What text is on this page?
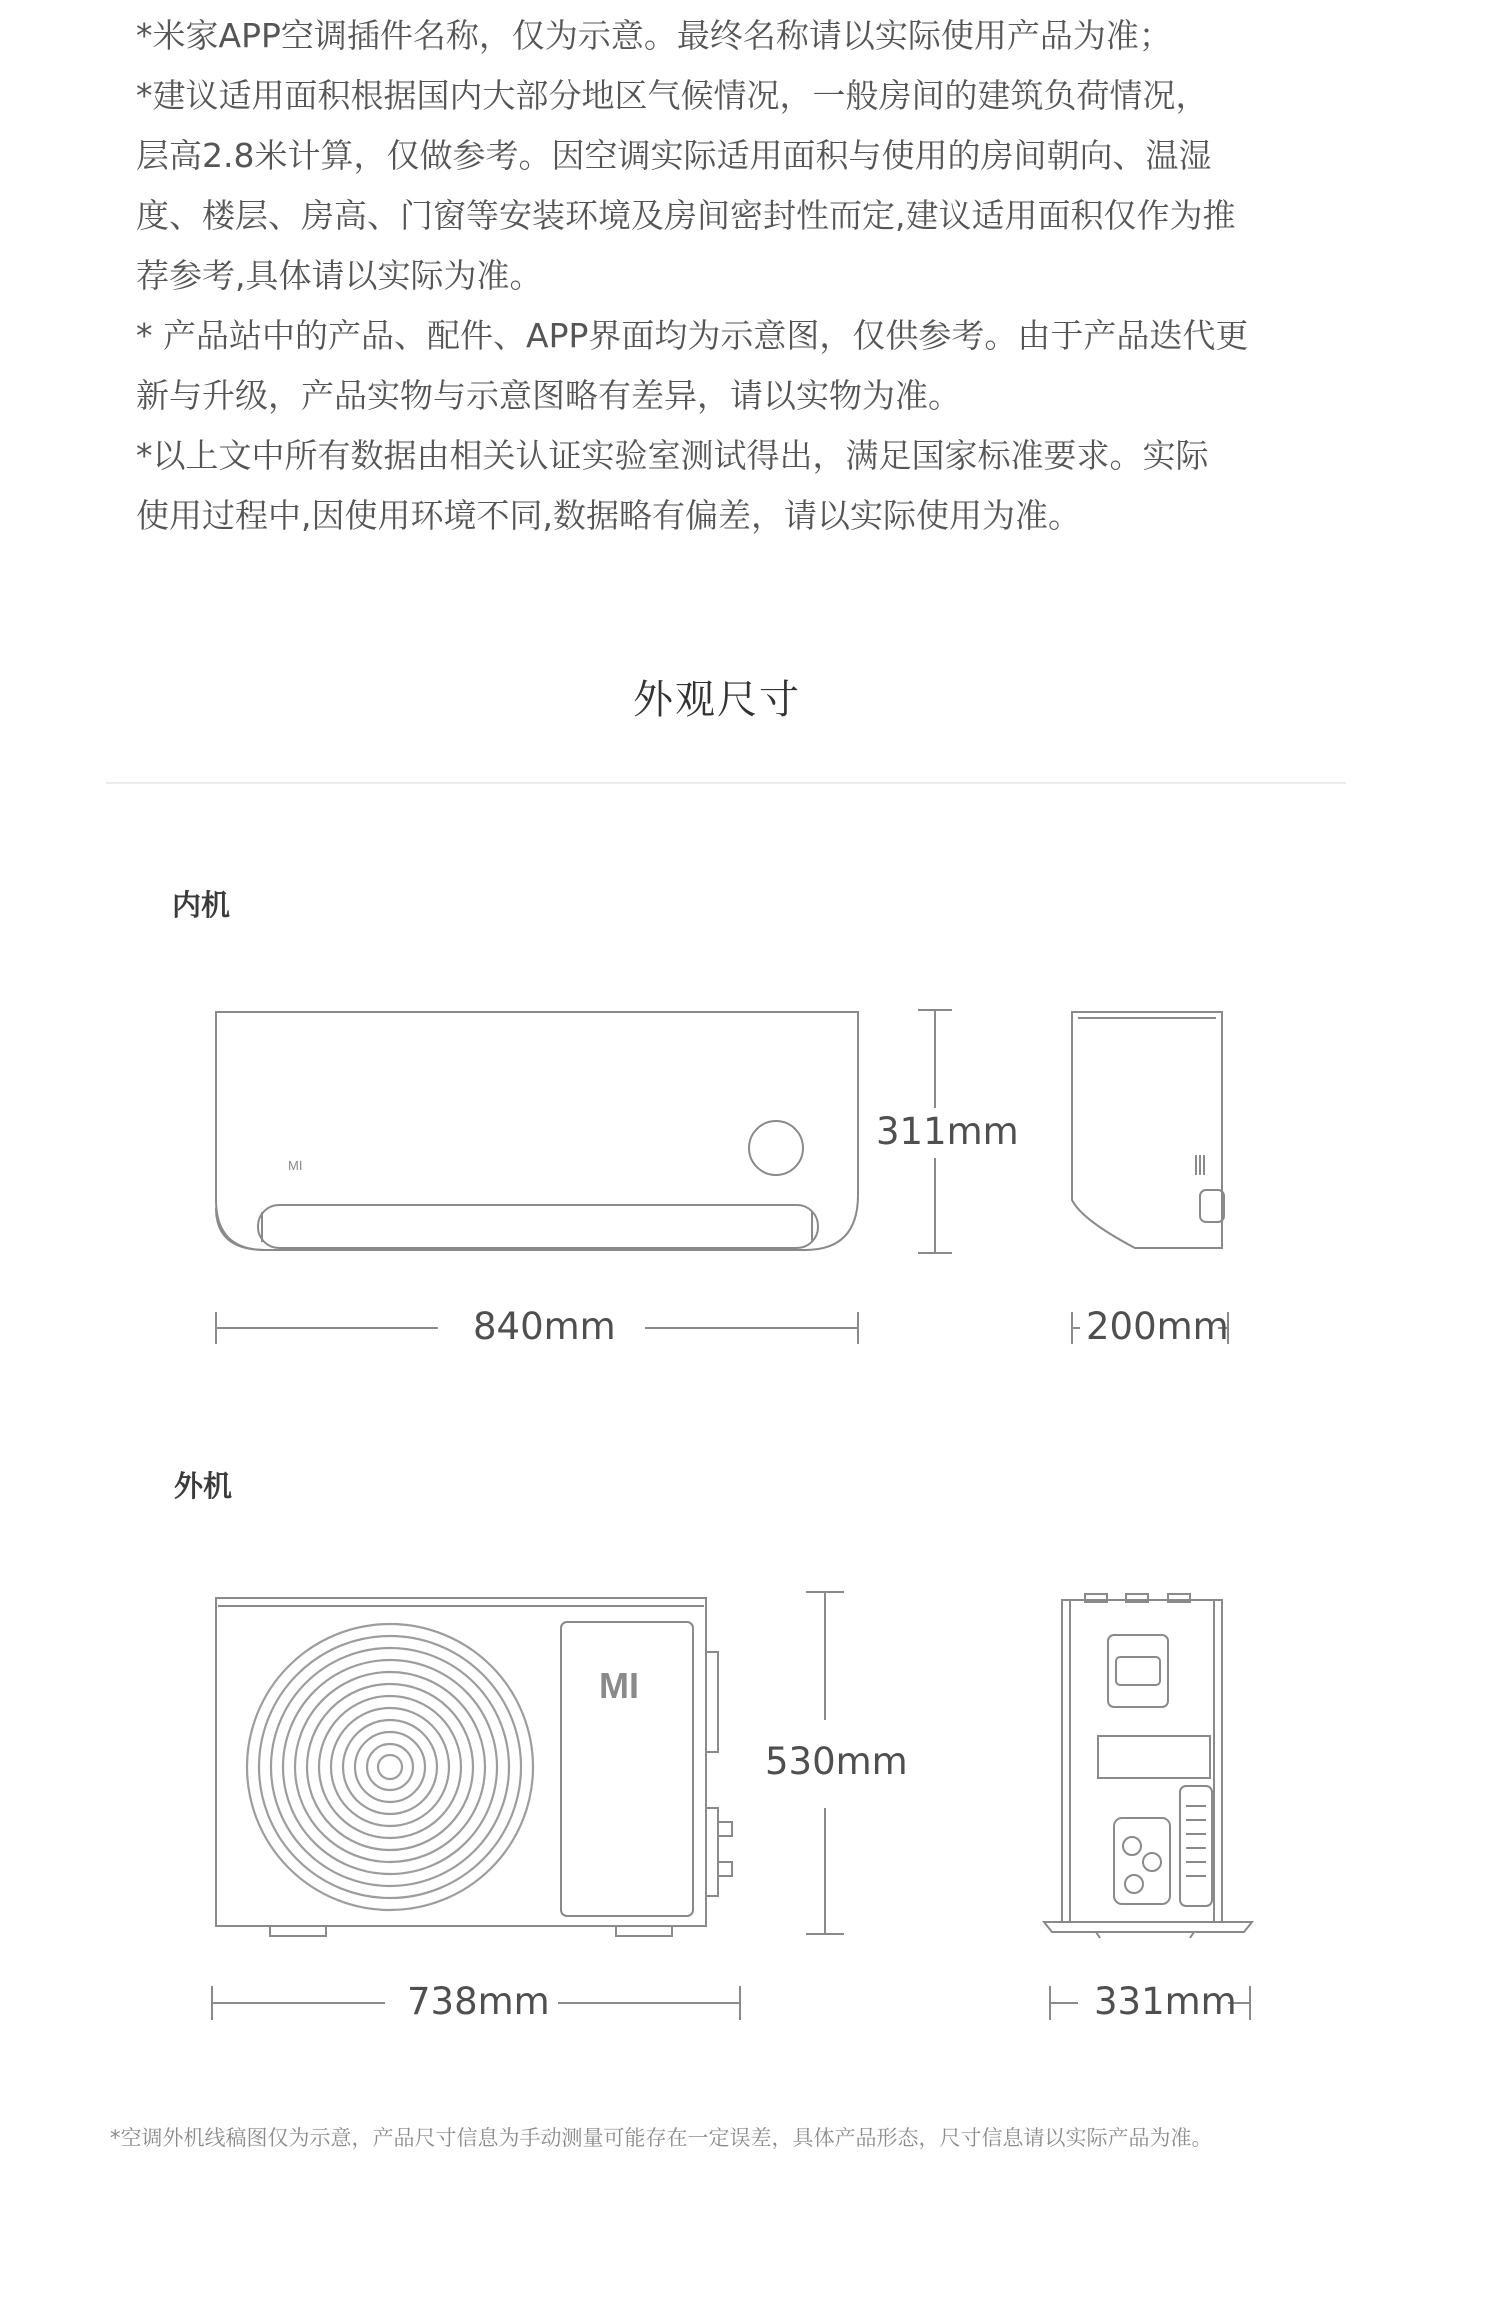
*米家APP空调插件名称，仅为示意。最终名称请以实际使用产品为准；
*建议适用面积根据国内大部分地区气候情况，一般房间的建筑负荷情况，
层高2.8米计算，仅做参考。因空调实际适用面积与使用的房间朝向、温湿
度、楼层、房高、门窗等安装环境及房间密封性而定,建议适用面积仅作为推
荐参考,具体请以实际为准。
* 产品站中的产品、配件、APP界面均为示意图，仅供参考。由于产品迭代更
新与升级，产品实物与示意图略有差异，请以实物为准。
*以上文中所有数据由相关认证实验室测试得出，满足国家标准要求。实际
使用过程中,因使用环境不同,数据略有偏差，请以实际使用为准。
外观尺寸
MI
MI
内机
外机
311mm
840mm	200mm
530mm
738mm	331mm
*空调外机线稿图仅为示意，产品尺寸信息为手动测量可能存在一定误差，具体产品形态，尺寸信息请以实际产品为准。
